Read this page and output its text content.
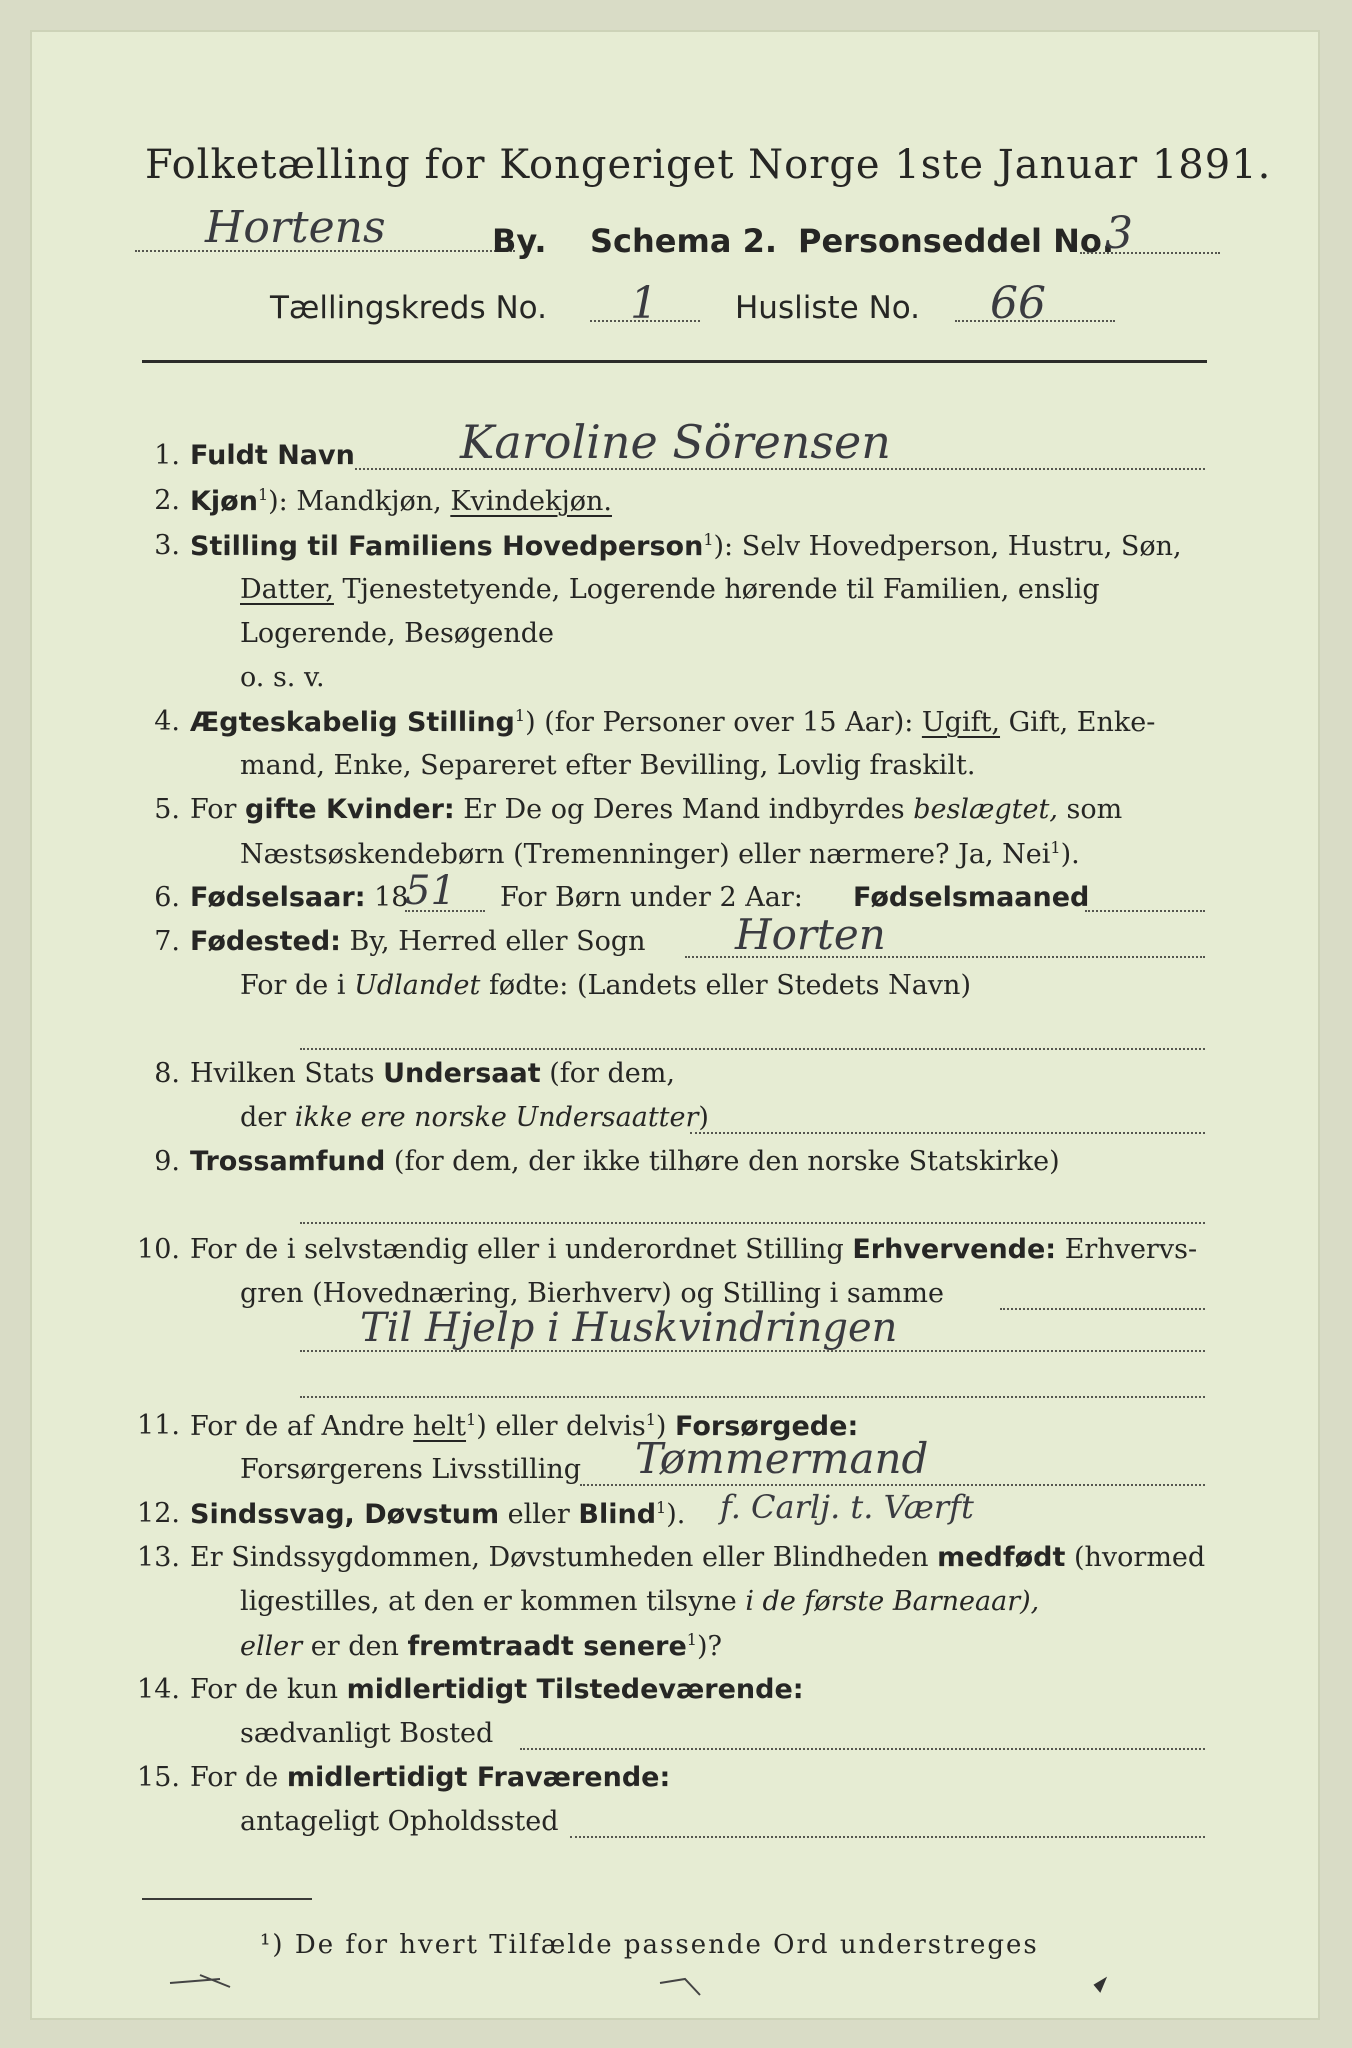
Folketælling for Kongeriget Norge 1ste Januar 1891.
Hortens	By. Schema 2. Personseddel No.
3
Tællingskreds No. 1 Husliste No. 66
1. Fuldt Navn Karoline Sörensen
2. Kjøn$^1$): Mandkjøn, Kvindekjøn.
3. Stilling til Familiens Hovedperson$^1$): Selv Hovedperson, Hustru, Søn,
Datter, Tjenestetyende, Logerende hørende til Familien, enslig
Logerende, Besøgende
o. s. v.
4. Ægteskabelig Stilling$^1$) (for Personer over 15 Aar): Ugift, Gift, Enke-
mand, Enke, Separeret efter Bevilling, Lovlig fraskilt.
5. For gifte Kvinder: Er De og Deres Mand indbyrdes beslægtet, som
Næstsøskendebørn (Tremenninger) eller nærmere? Ja, Nei$^1$).
6. Fødselsaar: 18	For Børn under 2 Aar: Fødselsmaaned
51
7. Fødested: By, Herred eller Sogn Horten
For de i Udlandet fødte: (Landets eller Stedets Navn)
8. Hvilken Stats Undersaat (for dem,
der ikke ere norske Undersaatter)
9. Trossamfund (for dem, der ikke tilhøre den norske Statskirke)
10. For de i selvstændig eller i underordnet Stilling Erhvervende: Erhvervs-
gren (Hovednæring, Bierhverv) og Stilling i samme
Til Hjelp i Huskvindringen
11. For de af Andre helt$^1$) eller delvis$^1$) Forsørgede:
Forsørgerens Livsstilling Tømmermand
12. Sindssvag, Døvstum eller Blind$^1$). f. Carlj. t. Værft
13. Er Sindssygdommen, Døvstumheden eller Blindheden medfødt (hvormed
ligestilles, at den er kommen tilsyne i de første Barneaar),
eller er den fremtraadt senere$^1$)?
14. For de kun midlertidigt Tilstedeværende:
sædvanligt Bosted
15. For de midlertidigt Fraværende:
antageligt Opholdssted
¹) De for hvert Tilfælde passende Ord understreges
